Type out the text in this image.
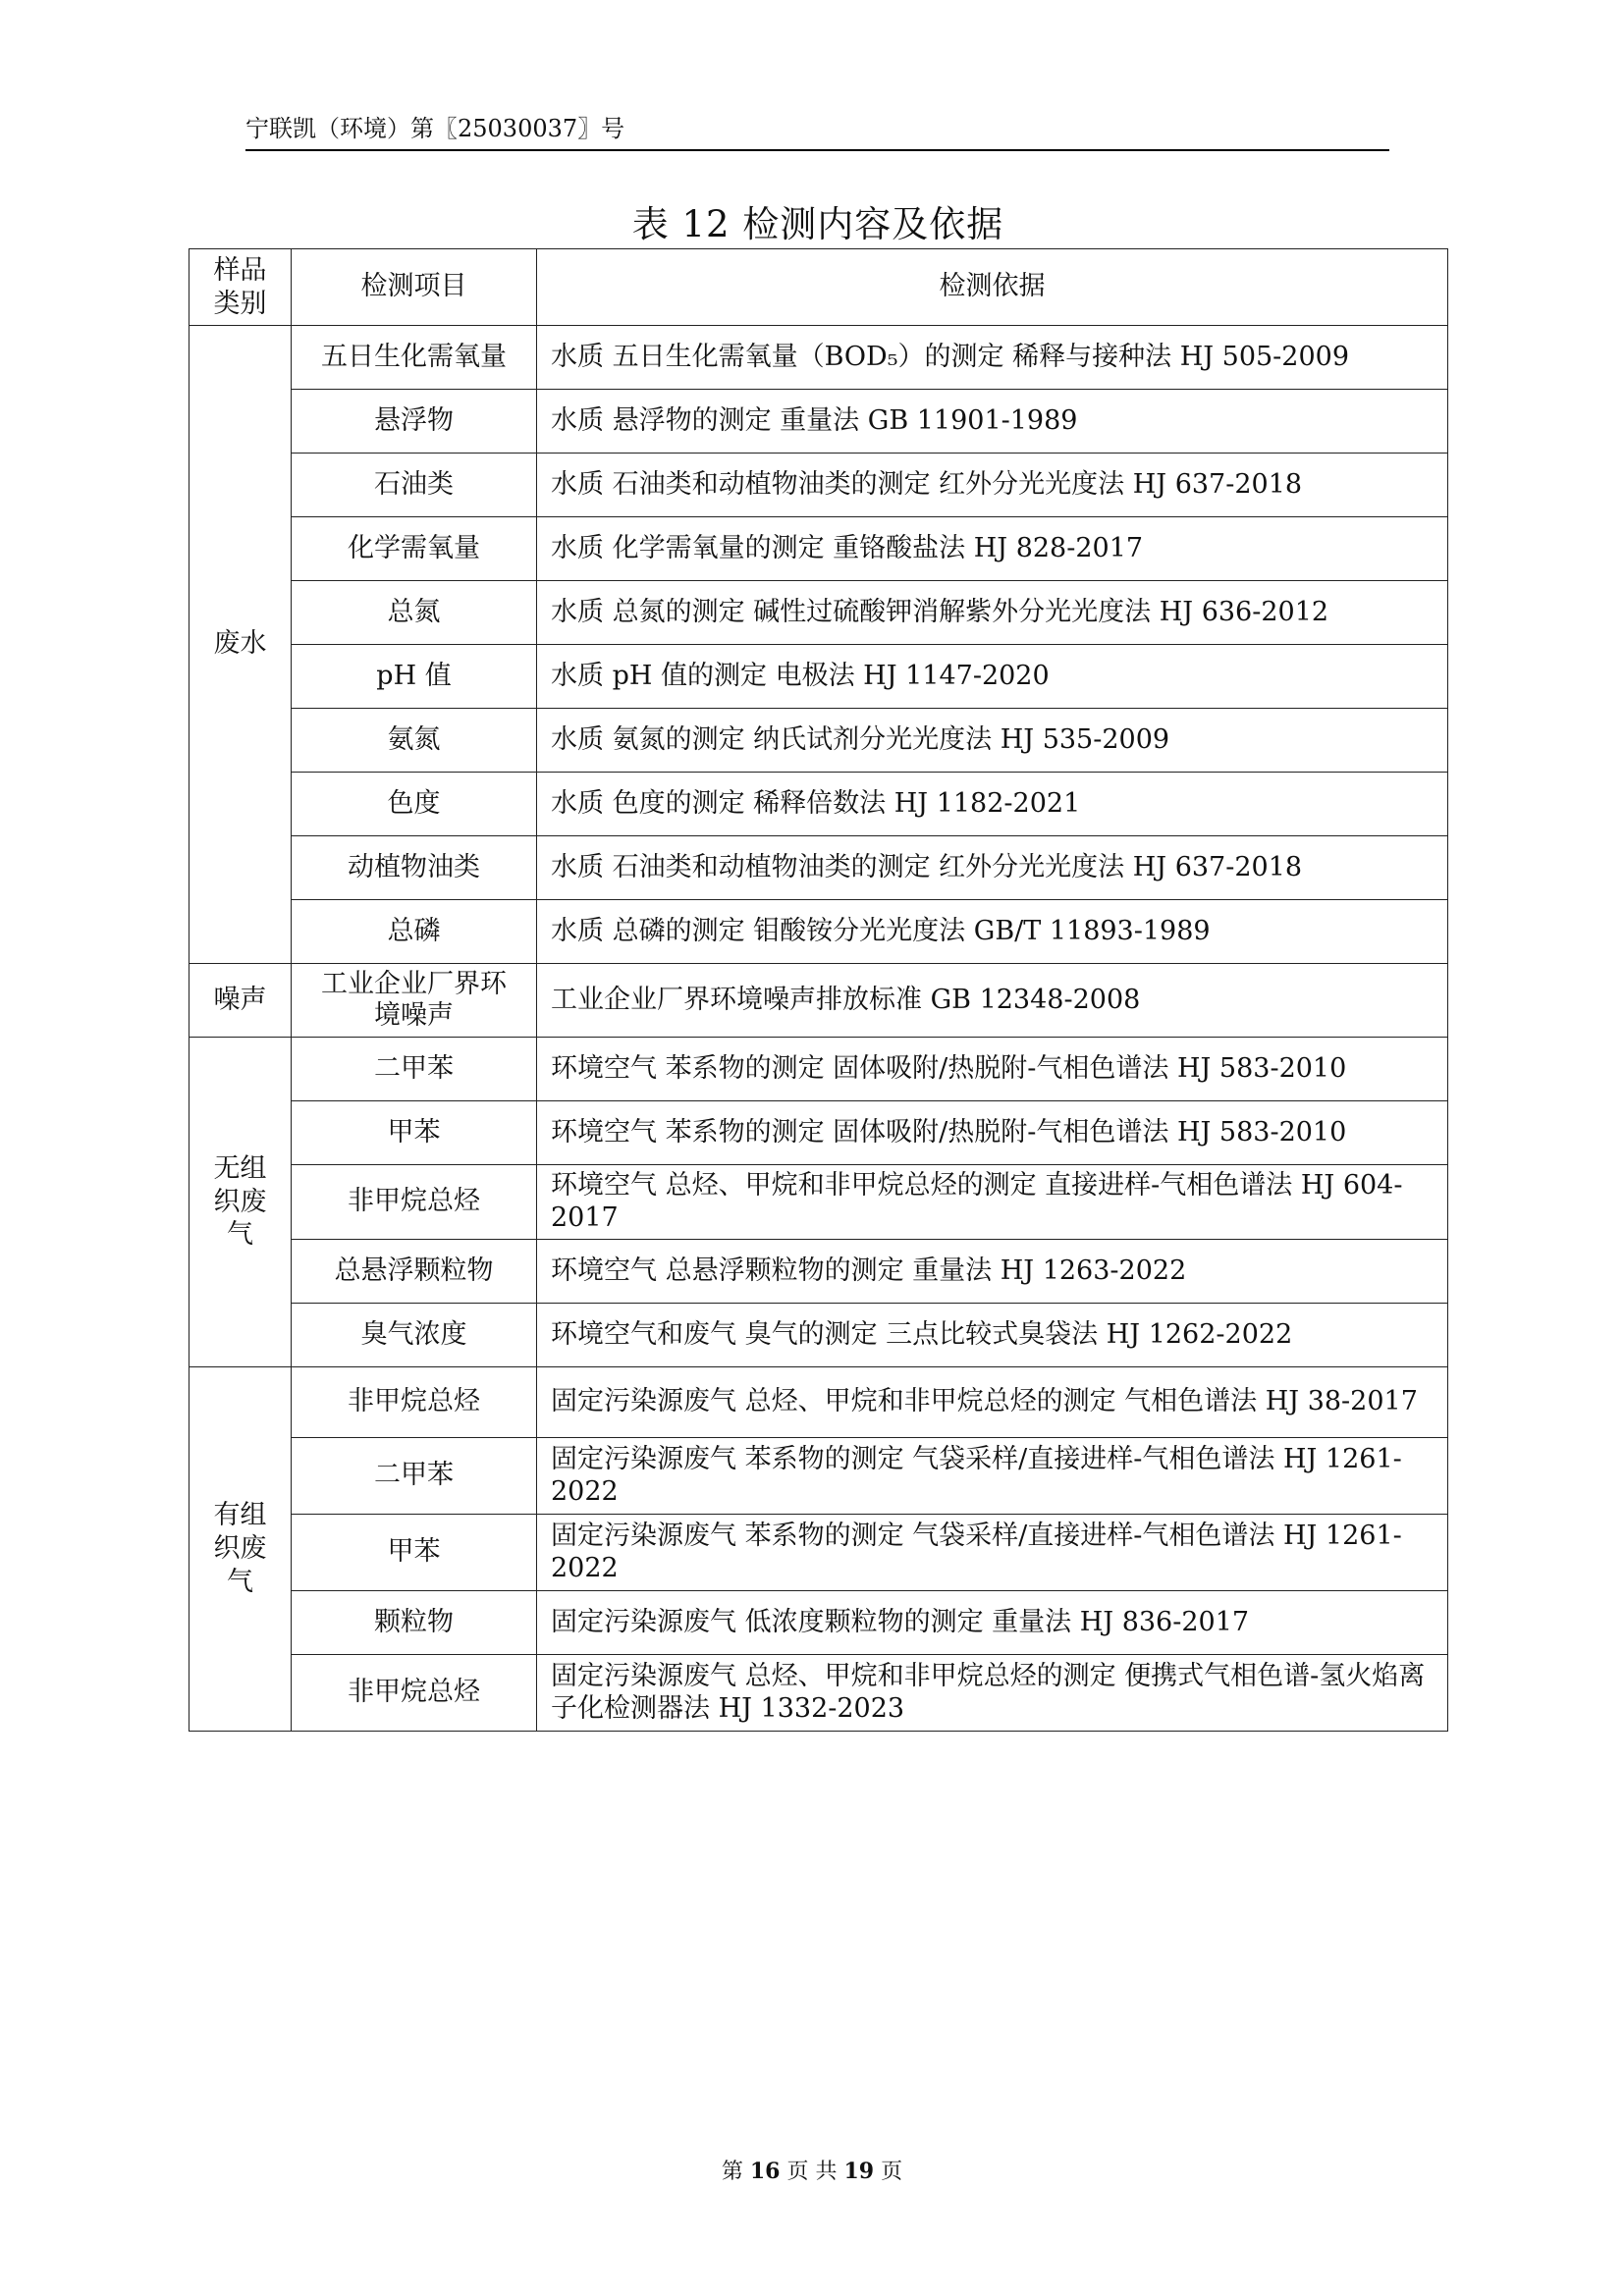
宁联凯（环境）第〖25030037〗号
表 12 检测内容及依据
样品类别	检测项目	检测依据

废水	五日生化需氧量	水质 五日生化需氧量（BOD₅）的测定 稀释与接种法 HJ 505-2009

	悬浮物	水质 悬浮物的测定 重量法 GB 11901-1989

	石油类	水质 石油类和动植物油类的测定 红外分光光度法 HJ 637-2018

	化学需氧量	水质 化学需氧量的测定 重铬酸盐法 HJ 828-2017

	总氮	水质 总氮的测定 碱性过硫酸钾消解紫外分光光度法 HJ 636-2012

	pH 值	水质 pH 值的测定 电极法 HJ 1147-2020

	氨氮	水质 氨氮的测定 纳氏试剂分光光度法 HJ 535-2009

	色度	水质 色度的测定 稀释倍数法 HJ 1182-2021

	动植物油类	水质 石油类和动植物油类的测定 红外分光光度法 HJ 637-2018

	总磷	水质 总磷的测定 钼酸铵分光光度法 GB/T 11893-1989

噪声	工业企业厂界环境噪声	工业企业厂界环境噪声排放标准 GB 12348-2008

无组织废气	二甲苯	环境空气 苯系物的测定 固体吸附/热脱附-气相色谱法 HJ 583-2010

	甲苯	环境空气 苯系物的测定 固体吸附/热脱附-气相色谱法 HJ 583-2010

	非甲烷总烃	环境空气 总烃、甲烷和非甲烷总烃的测定 直接进样-气相色谱法 HJ 604-2017

	总悬浮颗粒物	环境空气 总悬浮颗粒物的测定 重量法 HJ 1263-2022

	臭气浓度	环境空气和废气 臭气的测定 三点比较式臭袋法 HJ 1262-2022

有组织废气	非甲烷总烃	固定污染源废气 总烃、甲烷和非甲烷总烃的测定 气相色谱法 HJ 38-2017

	二甲苯	固定污染源废气 苯系物的测定 气袋采样/直接进样-气相色谱法 HJ 1261-2022

	甲苯	固定污染源废气 苯系物的测定 气袋采样/直接进样-气相色谱法 HJ 1261-2022

	颗粒物	固定污染源废气 低浓度颗粒物的测定 重量法 HJ 836-2017

	非甲烷总烃	固定污染源废气 总烃、甲烷和非甲烷总烃的测定 便携式气相色谱-氢火焰离子化检测器法 HJ 1332-2023
第 16 页 共 19 页
